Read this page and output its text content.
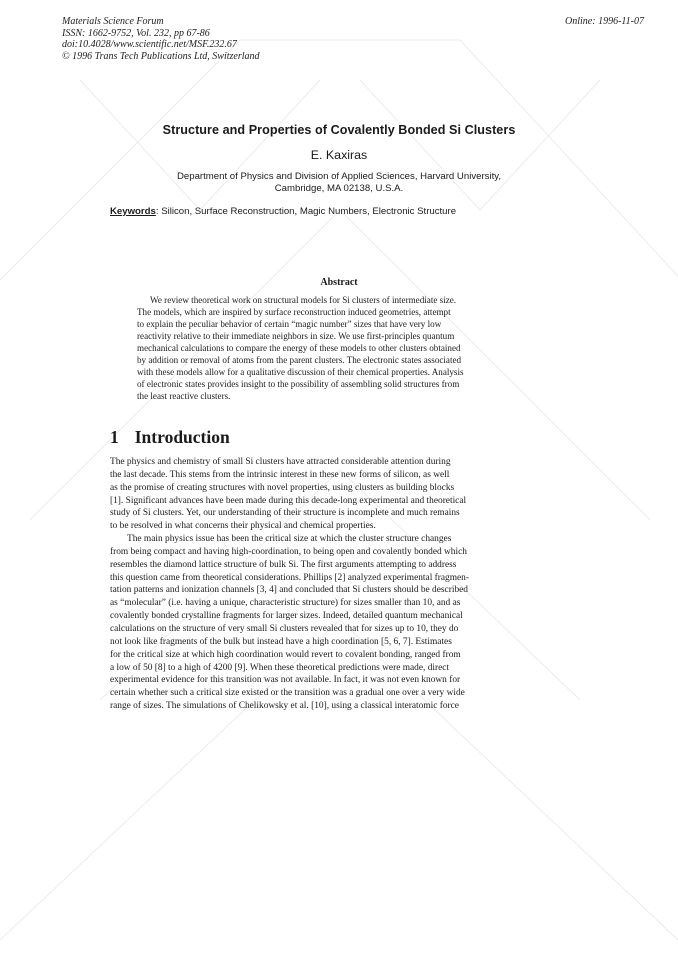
Materials Science Forum
ISSN: 1662-9752, Vol. 232, pp 67-86
doi:10.4028/www.scientific.net/MSF.232.67
© 1996 Trans Tech Publications Ltd, Switzerland
Online: 1996-11-07
Structure and Properties of Covalently Bonded Si Clusters
E. Kaxiras
Department of Physics and Division of Applied Sciences, Harvard University,
Cambridge, MA 02138, U.S.A.
Keywords: Silicon, Surface Reconstruction, Magic Numbers, Electronic Structure
Abstract
We review theoretical work on structural models for Si clusters of intermediate size.
The models, which are inspired by surface reconstruction induced geometries, attempt
to explain the peculiar behavior of certain “magic number” sizes that have very low
reactivity relative to their immediate neighbors in size. We use first-principles quantum
mechanical calculations to compare the energy of these models to other clusters obtained
by addition or removal of atoms from the parent clusters. The electronic states associated
with these models allow for a qualitative discussion of their chemical properties. Analysis
of electronic states provides insight to the possibility of assembling solid structures from
the least reactive clusters.
1 Introduction
The physics and chemistry of small Si clusters have attracted considerable attention during
the last decade. This stems from the intrinsic interest in these new forms of silicon, as well
as the promise of creating structures with novel properties, using clusters as building blocks
[1]. Significant advances have been made during this decade-long experimental and theoretical
study of Si clusters. Yet, our understanding of their structure is incomplete and much remains
to be resolved in what concerns their physical and chemical properties.
The main physics issue has been the critical size at which the cluster structure changes
from being compact and having high-coordination, to being open and covalently bonded which
resembles the diamond lattice structure of bulk Si. The first arguments attempting to address
this question came from theoretical considerations. Phillips [2] analyzed experimental fragmen-
tation patterns and ionization channels [3, 4] and concluded that Si clusters should be described
as “molecular” (i.e. having a unique, characteristic structure) for sizes smaller than 10, and as
covalently bonded crystalline fragments for larger sizes. Indeed, detailed quantum mechanical
calculations on the structure of very small Si clusters revealed that for sizes up to 10, they do
not look like fragments of the bulk but instead have a high coordination [5, 6, 7]. Estimates
for the critical size at which high coordination would revert to covalent bonding, ranged from
a low of 50 [8] to a high of 4200 [9]. When these theoretical predictions were made, direct
experimental evidence for this transition was not available. In fact, it was not even known for
certain whether such a critical size existed or the transition was a gradual one over a very wide
range of sizes. The simulations of Chelikowsky et al. [10], using a classical interatomic force
